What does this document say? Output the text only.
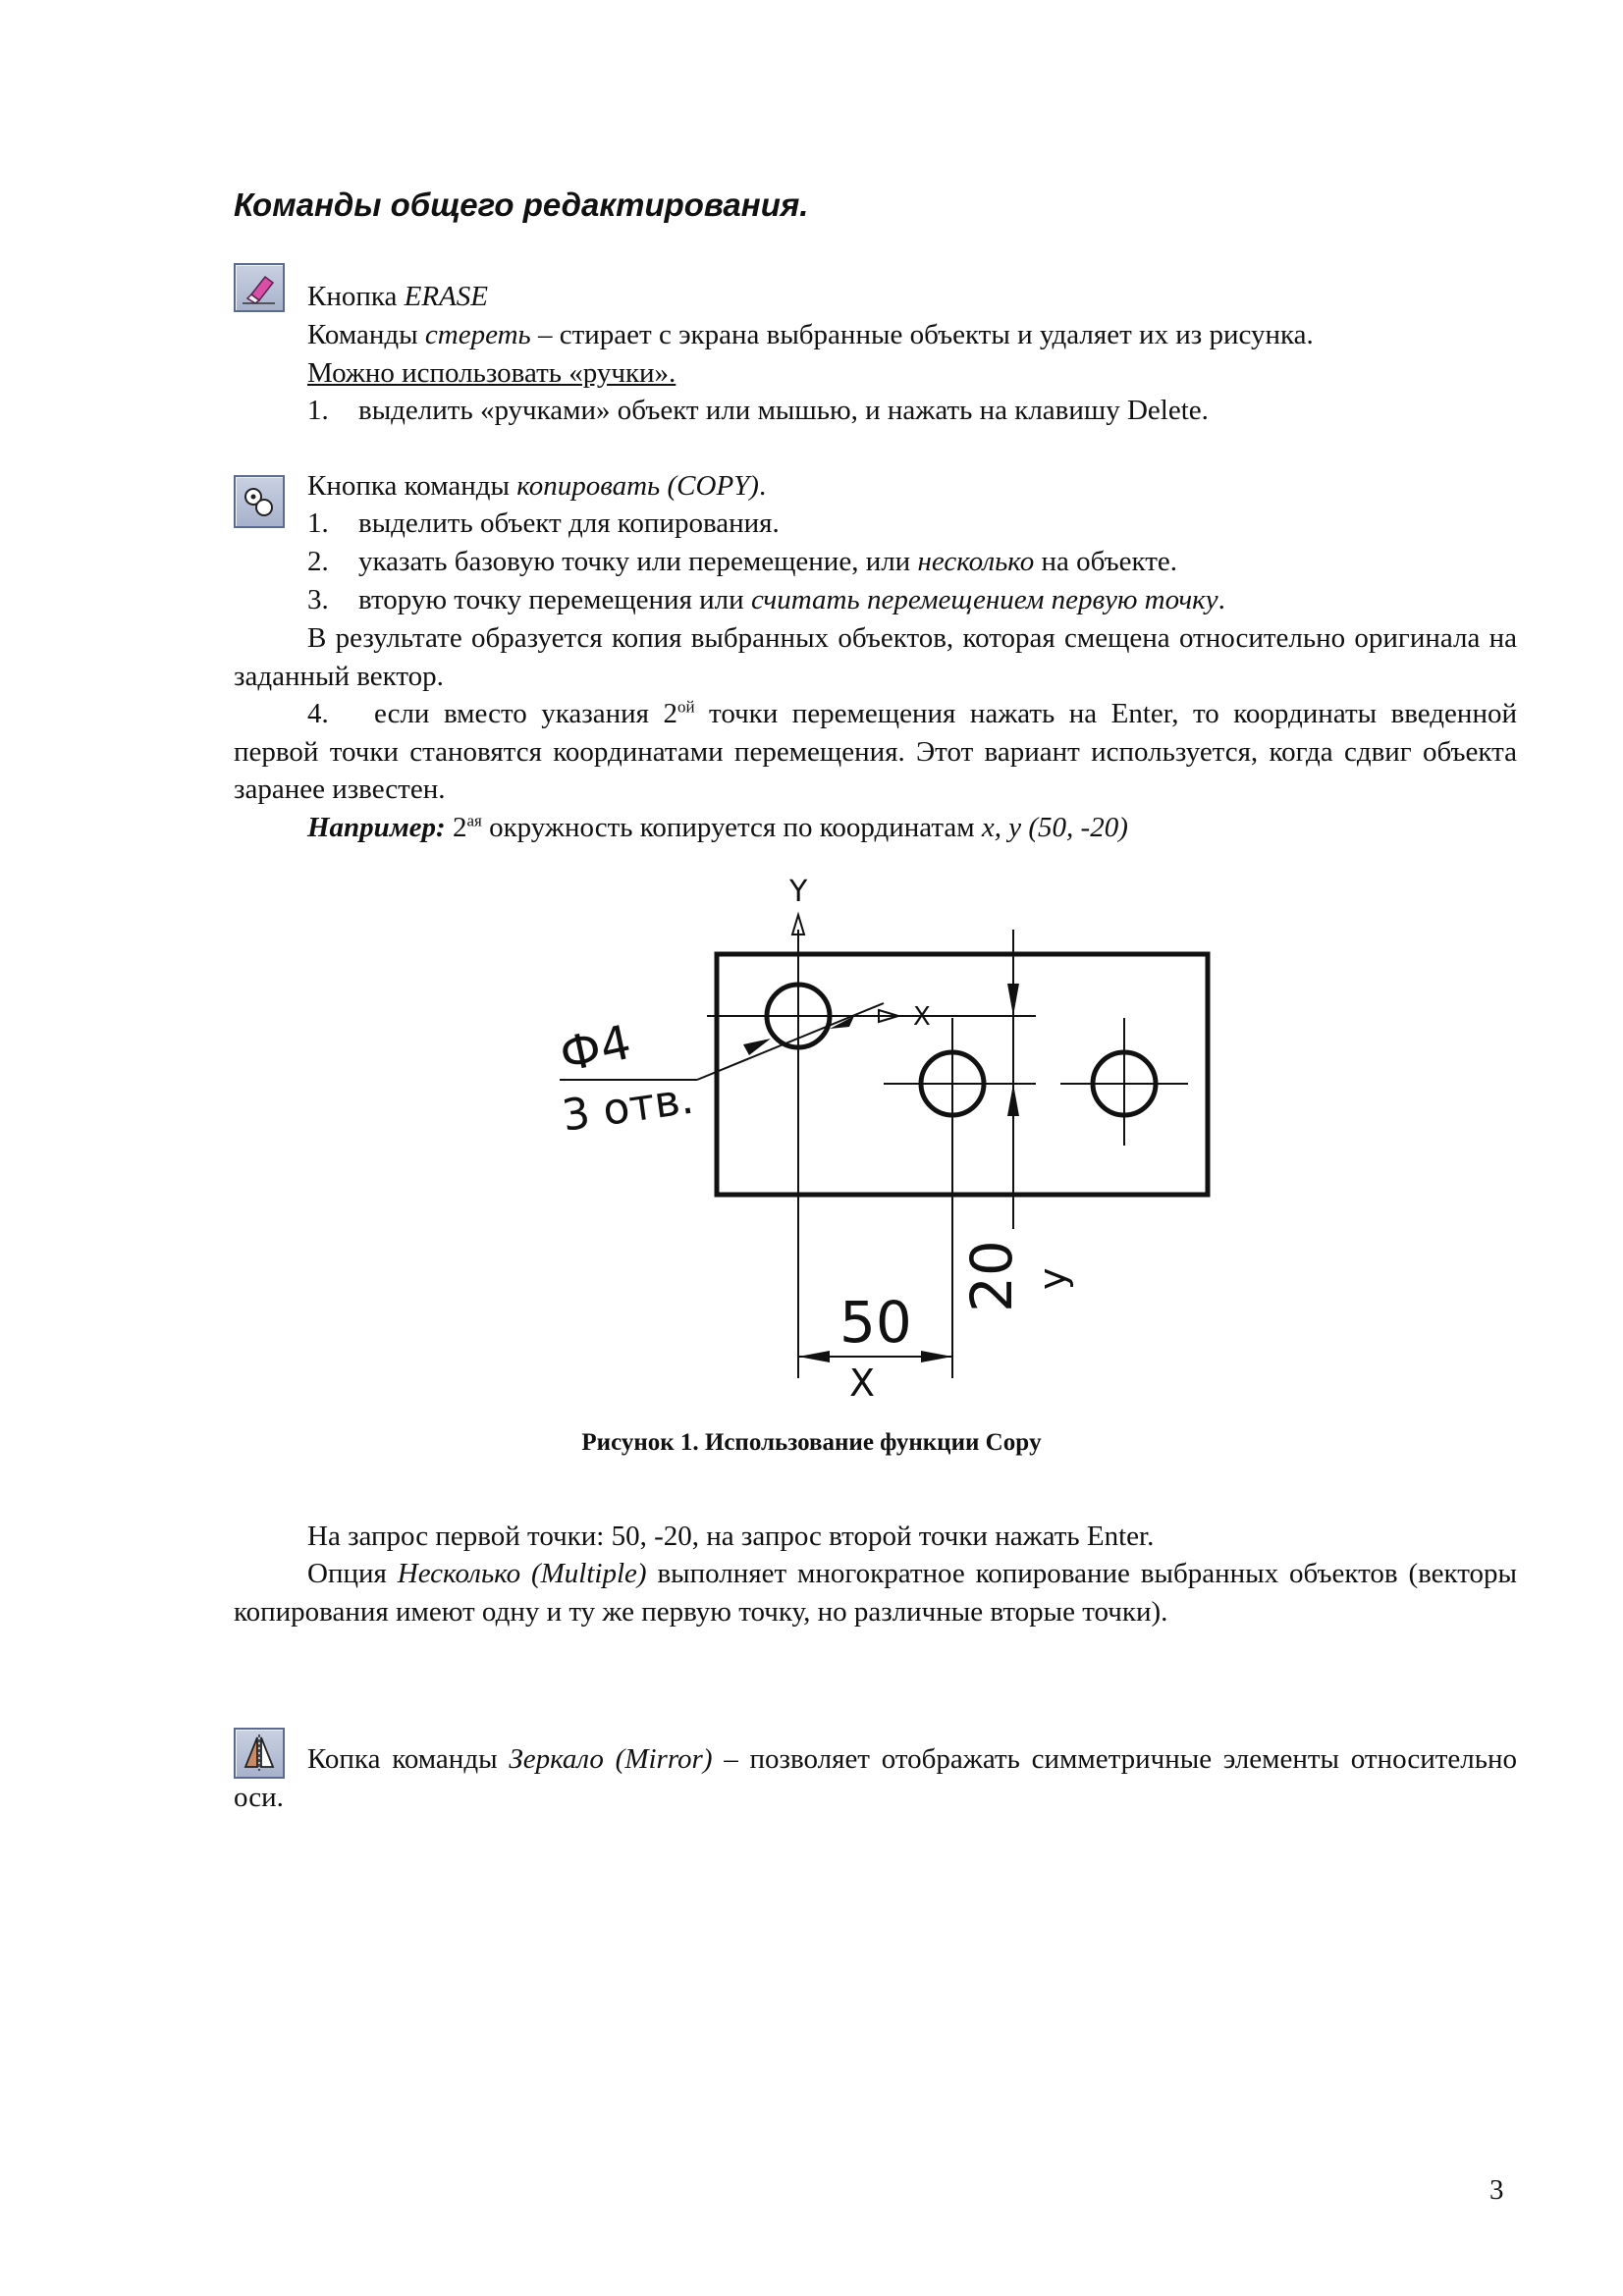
Команды общего редактирования.
Кнопка ERASE
Команды стереть – стирает с экрана выбранные объекты и удаляет их из рисунка.
Можно использовать «ручки».
1. выделить «ручками» объект или мышью, и нажать на клавишу Delete.
Кнопка команды копировать (COPY).
1. выделить объект для копирования.
2. указать базовую точку или перемещение, или несколько на объекте.
3. вторую точку перемещения или считать перемещением первую точку.
В результате образуется копия выбранных объектов, которая смещена относительно оригинала на заданный вектор.
4. если вместо указания $2^{ой}$ точки перемещения нажать на Enter, то координаты введенной первой точки становятся координатами перемещения. Этот вариант используется, когда сдвиг объекта заранее известен.
Например: $2^{ая}$ окружность копируется по координатам x, y (50, -20)
Y
X
Ф4
3 отв.
50
X
20 y
Рисунок 1. Использование функции Copy
На запрос первой точки: 50, -20, на запрос второй точки нажать Enter.
Опция Несколько (Multiple) выполняет многократное копирование выбранных объектов (векторы копирования имеют одну и ту же первую точку, но различные вторые точки).
Копка команды Зеркало (Mirror) – позволяет отображать симметричные элементы относительно оси.
3
